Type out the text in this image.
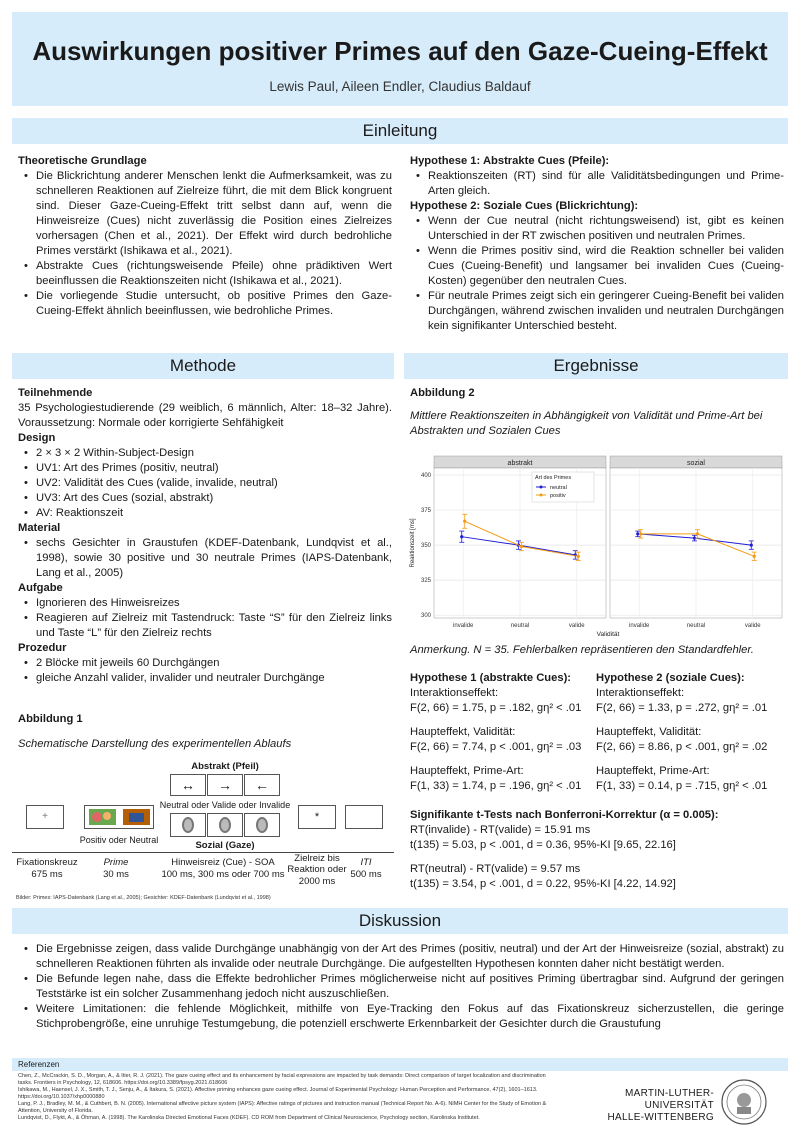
Auswirkungen positiver Primes auf den Gaze-Cueing-Effekt
Lewis Paul, Aileen Endler, Claudius Baldauf
Einleitung
Theoretische Grundlage
• Die Blickrichtung anderer Menschen lenkt die Aufmerksamkeit, was zu schnelleren Reaktionen auf Zielreize führt, die mit dem Blick kongruent sind. Dieser Gaze-Cueing-Effekt tritt selbst dann auf, wenn die Hinweisreize (Cues) nicht zuverlässig die Position eines Zielreizes vorhersagen (Chen et al., 2021). Der Effekt wird durch bedrohliche Primes verstärkt (Ishikawa et al., 2021).
• Abstrakte Cues (richtungsweisende Pfeile) ohne prädiktiven Wert beeinflussen die Reaktionszeiten nicht (Ishikawa et al., 2021).
• Die vorliegende Studie untersucht, ob positive Primes den Gaze-Cueing-Effekt ähnlich beeinflussen, wie bedrohliche Primes.
Hypothese 1: Abstrakte Cues (Pfeile):
• Reaktionszeiten (RT) sind für alle Validitätsbedingungen und Prime-Arten gleich.
Hypothese 2: Soziale Cues (Blickrichtung):
• Wenn der Cue neutral (nicht richtungsweisend) ist, gibt es keinen Unterschied in der RT zwischen positiven und neutralen Primes.
• Wenn die Primes positiv sind, wird die Reaktion schneller bei validen Cues (Cueing-Benefit) und langsamer bei invaliden Cues (Cueing-Kosten) gegenüber den neutralen Cues.
• Für neutrale Primes zeigt sich ein geringerer Cueing-Benefit bei validen Durchgängen, während zwischen invaliden und neutralen Durchgängen kein signifikanter Unterschied besteht.
Methode
Teilnehmende
35 Psychologiestudierende (29 weiblich, 6 männlich, Alter: 18–32 Jahre). Voraussetzung: Normale oder korrigierte Sehfähigkeit
Design
• 2 × 3 × 2 Within-Subject-Design
• UV1: Art des Primes (positiv, neutral)
• UV2: Validität des Cues (valide, invalide, neutral)
• UV3: Art des Cues (sozial, abstrakt)
• AV: Reaktionszeit
Material
• sechs Gesichter in Graustufen (KDEF-Datenbank, Lundqvist et al., 1998), sowie 30 positive und 30 neutrale Primes (IAPS-Datenbank, Lang et al., 2005)
Aufgabe
• Ignorieren des Hinweisreizes
• Reagieren auf Zielreiz mit Tastendruck: Taste “S” für den Zielreiz links und Taste “L” für den Zielreiz rechts
Prozedur
• 2 Blöcke mit jeweils 60 Durchgängen
• gleiche Anzahl valider, invalider und neutraler Durchgänge
Abbildung 1
Schematische Darstellung des experimentellen Ablaufs
Abstrakt (Pfeil)
↔	→	←
Neutral oder Valide oder Invalide
+
Positiv oder Neutral	Sozial (Gaze)
*
Fixationskreuz
675 ms
Prime
30 ms
Hinweisreiz (Cue) - SOA
100 ms, 300 ms oder 700 ms
Zielreiz bis Reaktion oder
2000 ms
ITI
500 ms
Bilder: Primes: IAPS-Datenbank (Lang et al., 2005); Gesichter: KDEF-Datenbank (Lundqvist et al., 1998)
Ergebnisse
Abbildung 2
Mittlere Reaktionszeiten in Abhängigkeit von Validität und Prime-Art bei Abstrakten und Sozialen Cues
abstrakt
invalide	neutral	valide
sozial
invalide	neutral	valide
300
325
350
375
400
Reaktionszeit [ms]
Validität
Art des Primes
neutral
positiv
Anmerkung. N = 35. Fehlerbalken repräsentieren den Standardfehler.
Hypothese 1 (abstrakte Cues):
Interaktionseffekt:
F(2, 66) = 1.75, p = .182, gη² < .01
Haupteffekt, Validität:
F(2, 66) = 7.74, p < .001, gη² = .03
Haupteffekt, Prime-Art:
F(1, 33) = 1.74, p = .196, gη² < .01
Hypothese 2 (soziale Cues):
Interaktionseffekt:
F(2, 66) = 1.33, p = .272, gη² = .01
Haupteffekt, Validität:
F(2, 66) = 8.86, p < .001, gη² = .02
Haupteffekt, Prime-Art:
F(1, 33) = 0.14, p = .715, gη² < .01
Signifikante t-Tests nach Bonferroni-Korrektur (α = 0.005):
RT(invalide) - RT(valide) = 15.91 ms
t(135) = 5.03, p < .001, d = 0.36, 95%-KI [9.65, 22.16]
RT(neutral) - RT(valide) = 9.57 ms
t(135) = 3.54, p < .001, d = 0.22, 95%-KI [4.22, 14.92]
Diskussion
• Die Ergebnisse zeigen, dass valide Durchgänge unabhängig von der Art des Primes (positiv, neutral) und der Art der Hinweisreize (sozial, abstrakt) zu schnelleren Reaktionen führten als invalide oder neutrale Durchgänge. Die aufgestellten Hypothesen konnten daher nicht bestätigt werden.
• Die Befunde legen nahe, dass die Effekte bedrohlicher Primes möglicherweise nicht auf positives Priming übertragbar sind. Aufgrund der geringen Teststärke ist ein solcher Zusammenhang jedoch nicht auszuschließen.
• Weitere Limitationen: die fehlende Möglichkeit, mithilfe von Eye-Tracking den Fokus auf das Fixationskreuz sicherzustellen, die geringe Stichprobengröße, eine unruhige Testumgebung, die potenziell erschwerte Erkennbarkeit der Gesichter durch die Graustufung
Referenzen
Chen, Z., McCrackin, S. D., Morgan, A., & Itier, R. J. (2021). The gaze cueing effect and its enhancement by facial expressions are impacted by task demands: Direct comparison of target localization and discrimination tasks. Frontiers in Psychology, 12, 618606. https://doi.org/10.3389/fpsyg.2021.618606
Ishikawa, M., Haensel, J. X., Smith, T. J., Senju, A., & Itakura, S. (2021). Affective priming enhances gaze cueing effect. Journal of Experimental Psychology: Human Perception and Performance, 47(2), 1601–1613. https://doi.org/10.1037/xhp0000880
Lang, P. J., Bradley, M. M., & Cuthbert, B. N. (2005). International affective picture system (IAPS): Affective ratings of pictures and instruction manual (Technical Report No. A-6). NIMH Center for the Study of Emotion & Attention, University of Florida.
Lundqvist, D., Flykt, A., & Öhman, A. (1998). The Karolinska Directed Emotional Faces (KDEF). CD ROM from Department of Clinical Neuroscience, Psychology section, Karolinska Institutet.
MARTIN-LUTHER-UNIVERSITÄT
HALLE-WITTENBERG
